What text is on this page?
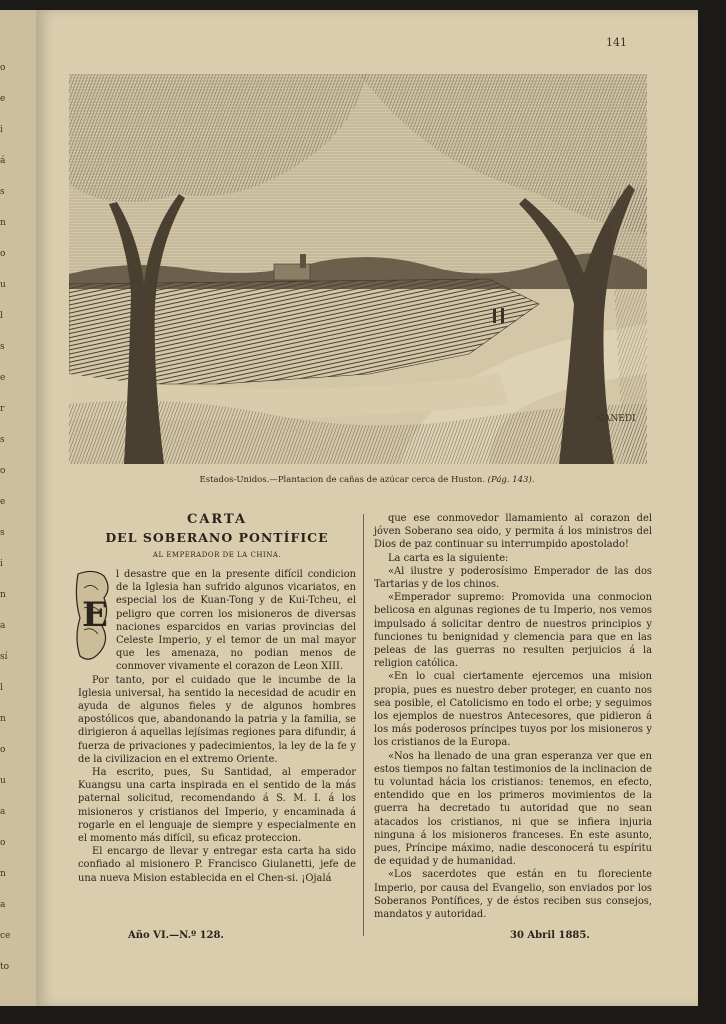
o
e
i
á
s
n
o
u
l
s
e
r
s
o
e
s
i
n
a
sí
l
n
o
u
a
o
n
a
ce
to
141
CANEDI
Estados-Unidos.—Plantacion de cañas de azúcar cerca de Huston. (Pág. 143).
CARTA
DEL SOBERANO PONTÍFICE
AL EMPERADOR DE LA CHINA.
E

l desastre que en la presente difícil condicion de la Iglesia han sufrido algunos vicariatos, en especial los de Kuan-Tong y de Kui-Tcheu, el peligro que corren los misioneros de diversas naciones esparcidos en varias provincias del Celeste Imperio, y el temor de un mal mayor que les amenaza, no podian menos de conmover vivamente el corazon de Leon XIII.

Por tanto, por el cuidado que le incumbe de la Iglesia universal, ha sentido la necesidad de acudir en ayuda de algunos fieles y de algunos hombres apostólicos que, abandonando la patria y la familia, se dirigieron á aquellas lejísimas regiones para difundir, á fuerza de privaciones y padecimientos, la ley de la fe y de la civilizacion en el extremo Oriente.

Ha escrito, pues, Su Santidad, al emperador Kuangsu una carta inspirada en el sentido de la más paternal solicitud, recomendando á S. M. I. á los misioneros y cristianos del Imperio, y encaminada á rogarle en el lenguaje de siempre y especialmente en el momento más difícil, su eficaz proteccion.

El encargo de llevar y entregar esta carta ha sido confiado al misionero P. Francisco Giulanetti, jefe de una nueva Mision establecida en el Chen-si. ¡Ojalá

que ese conmovedor llamamiento al corazon del jóven Soberano sea oido, y permita á los ministros del Dios de paz continuar su interrumpido apostolado!

La carta es la siguiente:

«Al ilustre y poderosísimo Emperador de las dos Tartarias y de los chinos.

«Emperador supremo: Promovida una conmocion belicosa en algunas regiones de tu Imperio, nos vemos impulsado á solicitar dentro de nuestros principios y funciones tu benignidad y clemencia para que en las peleas de las guerras no resulten perjuicios á la religion católica.

«En lo cual ciertamente ejercemos una mision propia, pues es nuestro deber proteger, en cuanto nos sea posible, el Catolicismo en todo el orbe; y seguimos los ejemplos de nuestros Antecesores, que pidieron á los más poderosos príncipes tuyos por los misioneros y los cristianos de la Europa.

«Nos ha llenado de una gran esperanza ver que en estos tiempos no faltan testimonios de la inclinacion de tu voluntad hácia los cristianos: tenemos, en efecto, entendido que en los primeros movimientos de la guerra ha decretado tu autoridad que no sean atacados los cristianos, ni que se infiera injuria ninguna á los misioneros franceses. En este asunto, pues, Príncipe máximo, nadie desconocerá tu espíritu de equidad y de humanidad.

«Los sacerdotes que están en tu floreciente Imperio, por causa del Evangelio, son enviados por los Soberanos Pontífices, y de éstos reciben sus consejos, mandatos y autoridad.

Año VI.—N.º 128.	30 Abril 1885.
